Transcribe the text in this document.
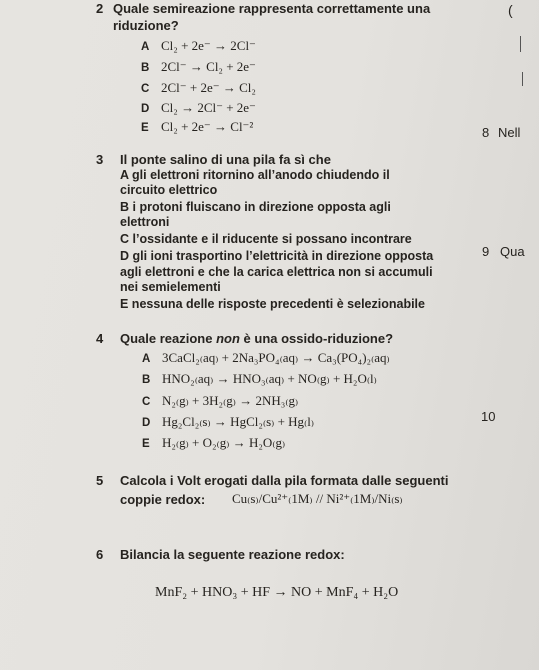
(
8 Nell
9 Qua
10
2 Quale semireazione rappresenta correttamente una
riduzione?
A Cl₂ + 2e⁻ → 2Cl⁻
B 2Cl⁻ → Cl₂ + 2e⁻
C 2Cl⁻ + 2e⁻ → Cl₂
D Cl₂ → 2Cl⁻ + 2e⁻
E Cl₂ + 2e⁻ → Cl⁻²
3 Il ponte salino di una pila fa sì che
A gli elettroni ritornino all’anodo chiudendo il
circuito elettrico
B i protoni fluiscano in direzione opposta agli
elettroni
C l’ossidante e il riducente si possano incontrare
D gli ioni trasportino l’elettricità in direzione opposta
agli elettroni e che la carica elettrica non si accumuli
nei semielementi
E nessuna delle risposte precedenti è selezionabile
4 Quale reazione non è una ossido-riduzione?
A 3CaCl₂₍aq₎ + 2Na₃PO₄₍aq₎ → Ca₃(PO₄)₂₍aq₎
B HNO₂₍aq₎ → HNO₃₍aq₎ + NO₍g₎ + H₂O₍l₎
C N₂₍g₎ + 3H₂₍g₎ → 2NH₃₍g₎
D Hg₂Cl₂₍s₎ → HgCl₂₍s₎ + Hg₍l₎
E H₂₍g₎ + O₂₍g₎ → H₂O₍g₎
5 Calcola i Volt erogati dalla pila formata dalle seguenti
coppie redox: Cu₍s₎/Cu²⁺₍1M₎ // Ni²⁺₍1M₎/Ni₍s₎
6 Bilancia la seguente reazione redox:
MnF₂ + HNO₃ + HF → NO + MnF₄ + H₂O
